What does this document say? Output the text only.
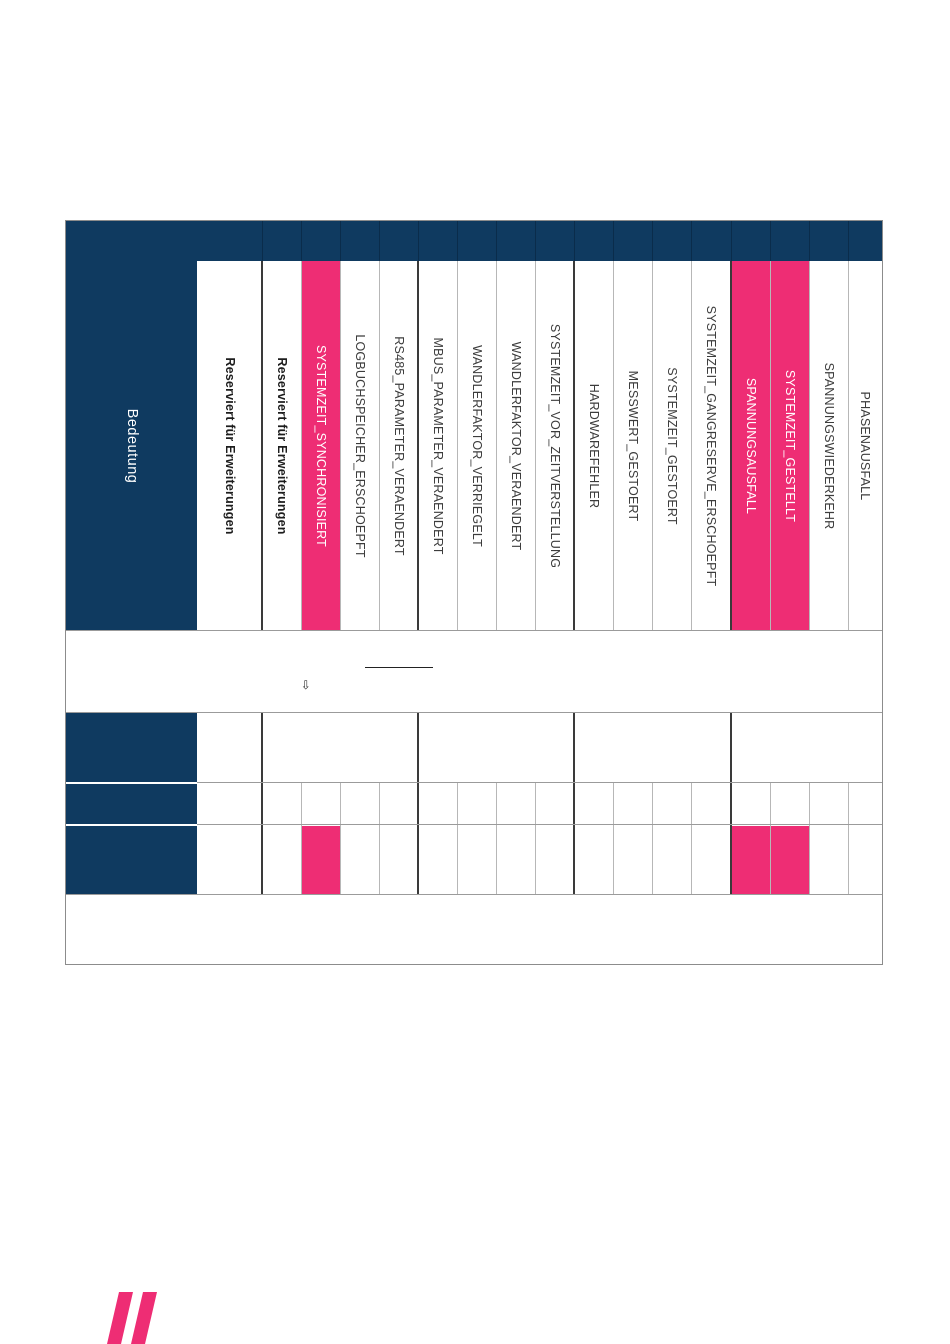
Bedeutung	Reserviert für Erweiterungen	Reserviert für Erweiterungen SYSTEMZEIT_SYNCHRONISIERT LOGBUCHSPEICHER_ERSCHOEPFT RS485_PARAMETER_VERAENDERT MBUS_PARAMETER_VERAENDERT WANDLERFAKTOR_VERRIEGELT WANDLERFAKTOR_VERAENDERT SYSTEMZEIT_VOR_ZEITVERSTELLUNG HARDWAREFEHLER MESSWERT_GESTOERT SYSTEMZEIT_GESTOERT SYSTEMZEIT_GANGRESERVE_ERSCHOEPFT SPANNUNGSAUSFALL SYSTEMZEIT_GESTELLT SPANNUNGSWIEDERKEHR PHASENAUSFALL
⇨
